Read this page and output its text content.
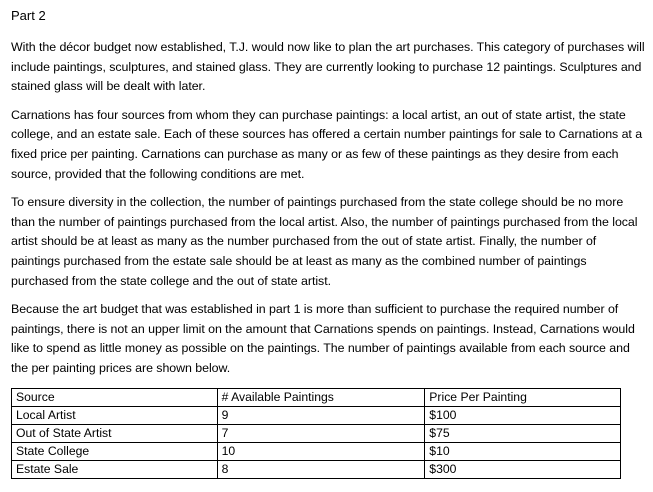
Part 2

With the décor budget now established, T.J. would now like to plan the art purchases. This category of purchases will include paintings, sculptures, and stained glass. They are currently looking to purchase 12 paintings. Sculptures and stained glass will be dealt with later.

Carnations has four sources from whom they can purchase paintings: a local artist, an out of state artist, the state college, and an estate sale. Each of these sources has offered a certain number paintings for sale to Carnations at a fixed price per painting. Carnations can purchase as many or as few of these paintings as they desire from each source, provided that the following conditions are met.

To ensure diversity in the collection, the number of paintings purchased from the state college should be no more than the number of paintings purchased from the local artist. Also, the number of paintings purchased from the local artist should be at least as many as the number purchased from the out of state artist. Finally, the number of paintings purchased from the estate sale should be at least as many as the combined number of paintings purchased from the state college and the out of state artist.

Because the art budget that was established in part 1 is more than sufficient to purchase the required number of paintings, there is not an upper limit on the amount that Carnations spends on paintings. Instead, Carnations would like to spend as little money as possible on the paintings. The number of paintings available from each source and the per painting prices are shown below.

Source	# Available Paintings	Price Per Painting
Local Artist	9	$100
Out of State Artist	7	$75
State College	10	$10
Estate Sale	8	$300
